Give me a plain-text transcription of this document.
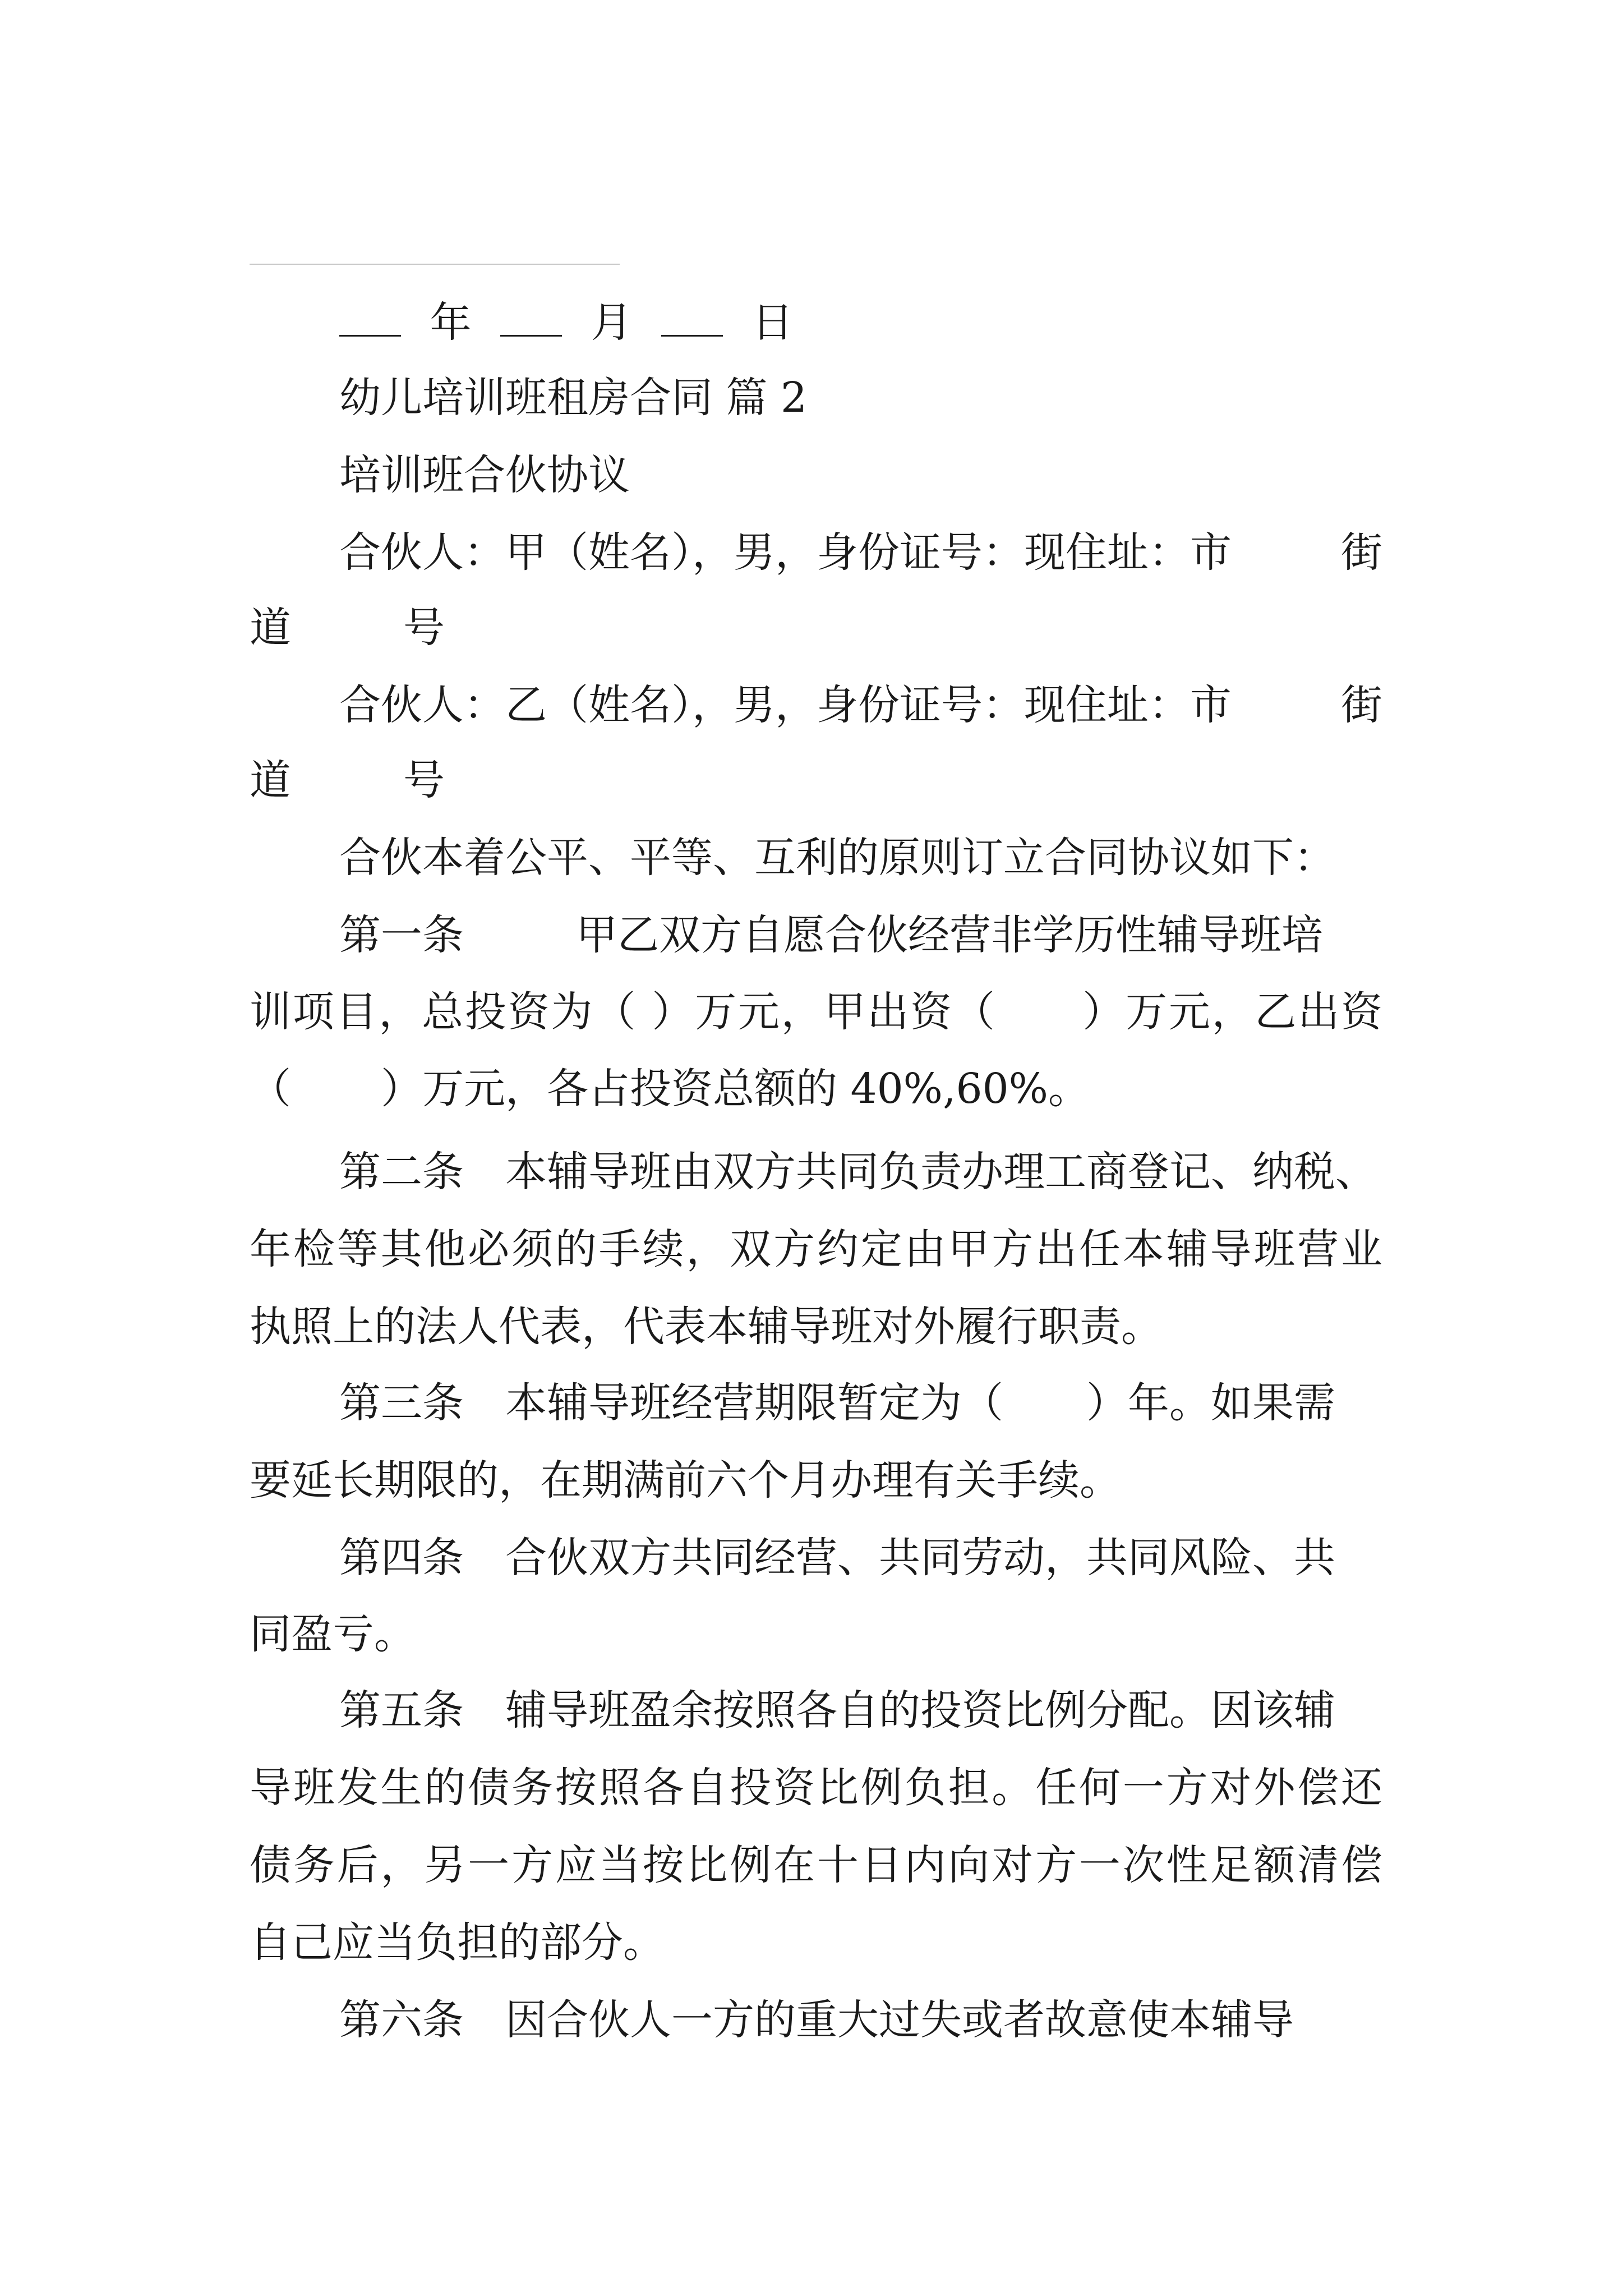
年	月	日
幼儿培训班租房合同 篇 2
培训班合伙协议
合伙人：甲（姓名），男，身份证号：现住址：市	街
道	号
合伙人：乙（姓名），男，身份证号：现住址：市	街
道	号
合伙本着公平、平等、互利的原则订立合同协议如下：
第一条	甲乙双方自愿合伙经营非学历性辅导班培
训项目，总投资为（ ）万元，甲出资（　　）万元，乙出资
（ ）万元，各占投资总额的 40%,60%。
第二条 本辅导班由双方共同负责办理工商登记、纳税、
年检等其他必须的手续，双方约定由甲方出任本辅导班营业
执照上的法人代表，代表本辅导班对外履行职责。
第三条 本辅导班经营期限暂定为（　　）年。如果需
要延长期限的，在期满前六个月办理有关手续。
第四条 合伙双方共同经营、共同劳动，共同风险、共
同盈亏。
第五条 辅导班盈余按照各自的投资比例分配。因该辅
导班发生的债务按照各自投资比例负担。任何一方对外偿还
债务后，另一方应当按比例在十日内向对方一次性足额清偿
自己应当负担的部分。
第六条 因合伙人一方的重大过失或者故意使本辅导
